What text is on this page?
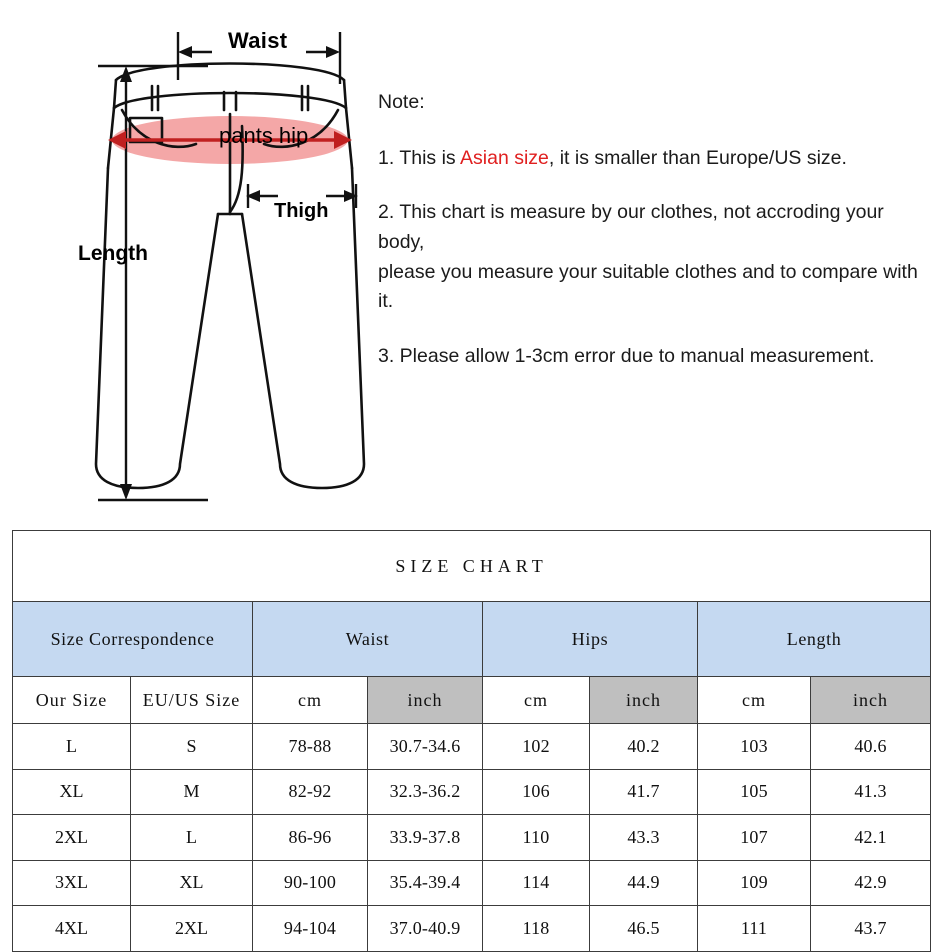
Waist
Thigh
Length
pants hip

Note:

1. This is Asian size, it is smaller than Europe/US size.

2. This chart is measure by our clothes, not accroding your body,
please you measure your suitable clothes and to compare with it.

3. Please allow 1-3cm error due to manual measurement.

SIZE CHART							
Size Correspondence		Waist		Hips		Length	
Our Size	EU/US Size	cm	inch	cm	inch	cm	inch
L	S	78-88	30.7-34.6	102	40.2	103	40.6
XL	M	82-92	32.3-36.2	106	41.7	105	41.3
2XL	L	86-96	33.9-37.8	110	43.3	107	42.1
3XL	XL	90-100	35.4-39.4	114	44.9	109	42.9
4XL	2XL	94-104	37.0-40.9	118	46.5	111	43.7
